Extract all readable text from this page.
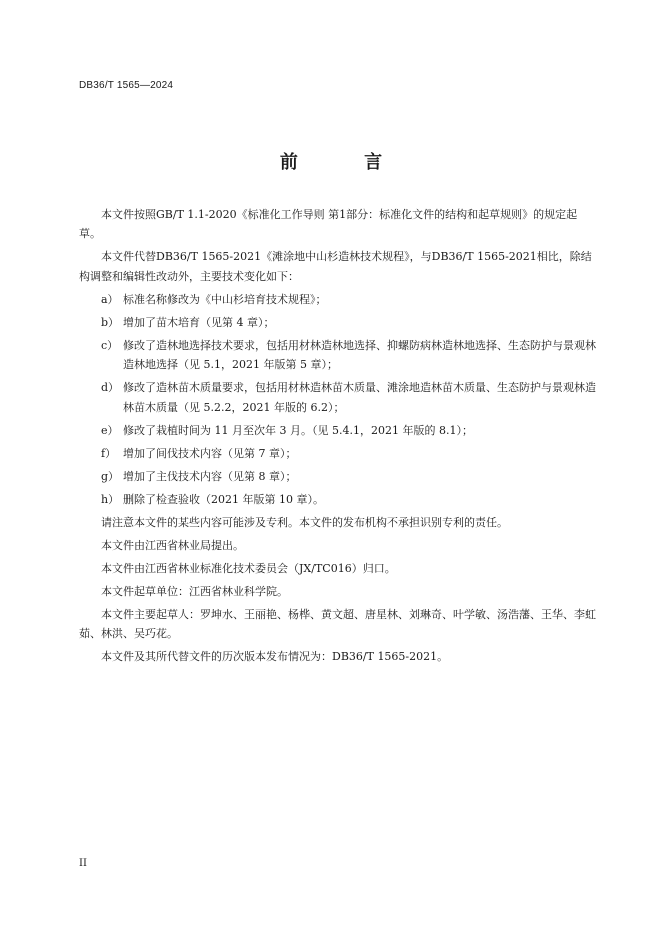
DB36/T 1565—2024
前 言

本文件按照GB/T 1.1-2020《标准化工作导则 第1部分：标准化文件的结构和起草规则》的规定起草。

本文件代替DB36/T 1565-2021《滩涂地中山杉造林技术规程》，与DB36/T 1565-2021相比，除结构调整和编辑性改动外，主要技术变化如下：

a） 标准名称修改为《中山杉培育技术规程》；
b） 增加了苗木培育（见第 4 章）；
c） 修改了造林地选择技术要求，包括用材林造林地选择、抑螺防病林造林地选择、生态防护与景观林造林地选择（见 5.1，2021 年版第 5 章）；
d） 修改了造林苗木质量要求，包括用材林造林苗木质量、滩涂地造林苗木质量、生态防护与景观林造林苗木质量（见 5.2.2，2021 年版的 6.2）；
e） 修改了栽植时间为 11 月至次年 3 月。（见 5.4.1，2021 年版的 8.1）；
f） 增加了间伐技术内容（见第 7 章）；
g） 增加了主伐技术内容（见第 8 章）；
h） 删除了检查验收（2021 年版第 10 章）。

请注意本文件的某些内容可能涉及专利。本文件的发布机构不承担识别专利的责任。

本文件由江西省林业局提出。

本文件由江西省林业标准化技术委员会（JX/TC016）归口。

本文件起草单位：江西省林业科学院。

本文件主要起草人：罗坤水、王丽艳、杨桦、黄文超、唐星林、刘琳奇、叶学敏、汤浩藩、王华、李虹茹、林洪、吴巧花。

本文件及其所代替文件的历次版本发布情况为：DB36/T 1565-2021。

II
